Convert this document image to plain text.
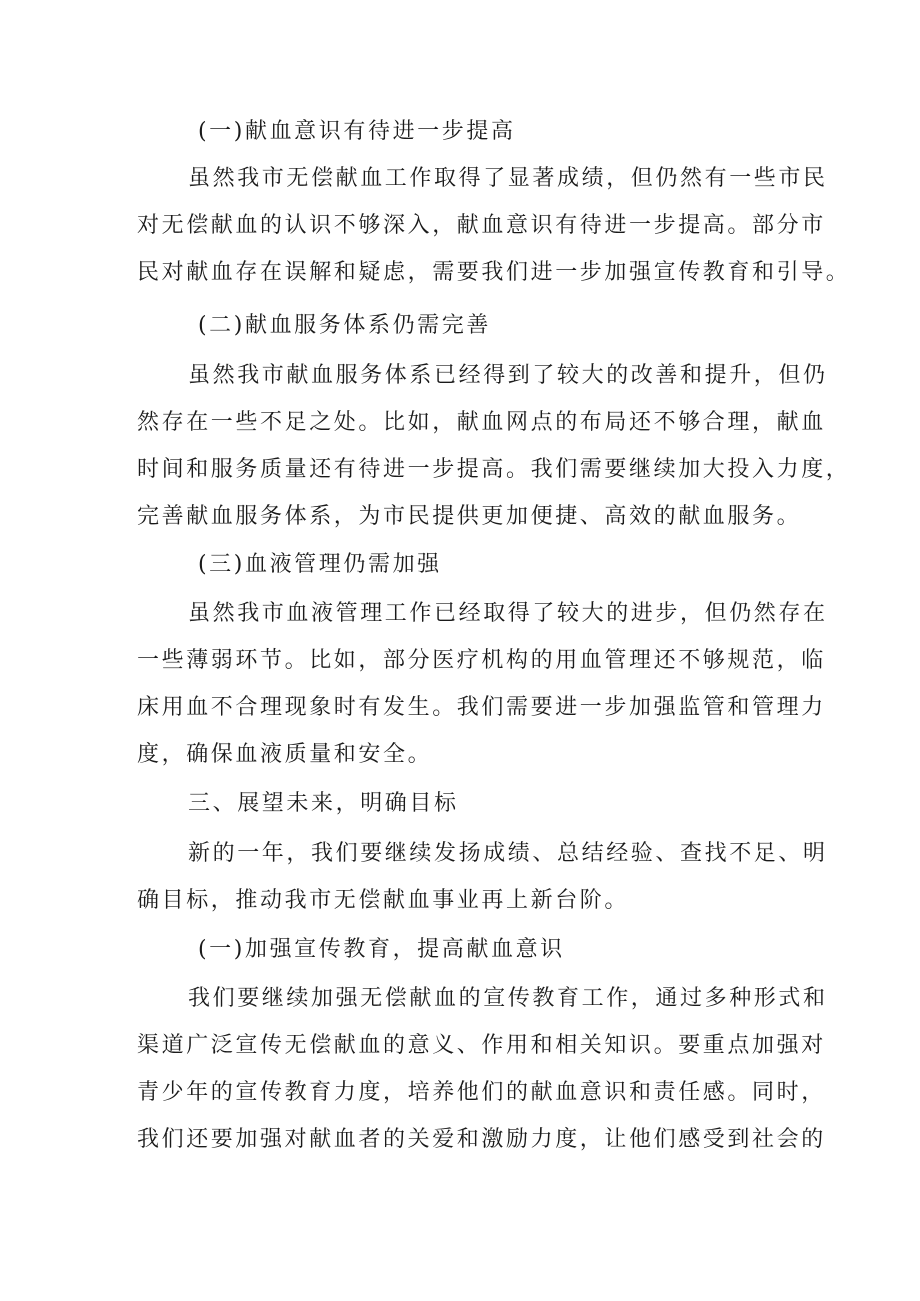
(一)献血意识有待进一步提高
虽然我市无偿献血工作取得了显著成绩，但仍然有一些市民
对无偿献血的认识不够深入，献血意识有待进一步提高。部分市
民对献血存在误解和疑虑，需要我们进一步加强宣传教育和引导。
(二)献血服务体系仍需完善
虽然我市献血服务体系已经得到了较大的改善和提升，但仍
然存在一些不足之处。比如，献血网点的布局还不够合理，献血
时间和服务质量还有待进一步提高。我们需要继续加大投入力度，
完善献血服务体系，为市民提供更加便捷、高效的献血服务。
(三)血液管理仍需加强
虽然我市血液管理工作已经取得了较大的进步，但仍然存在
一些薄弱环节。比如，部分医疗机构的用血管理还不够规范，临
床用血不合理现象时有发生。我们需要进一步加强监管和管理力
度，确保血液质量和安全。
三、展望未来，明确目标
新的一年，我们要继续发扬成绩、总结经验、查找不足、明
确目标，推动我市无偿献血事业再上新台阶。
(一)加强宣传教育，提高献血意识
我们要继续加强无偿献血的宣传教育工作，通过多种形式和
渠道广泛宣传无偿献血的意义、作用和相关知识。要重点加强对
青少年的宣传教育力度，培养他们的献血意识和责任感。同时，
我们还要加强对献血者的关爱和激励力度，让他们感受到社会的
